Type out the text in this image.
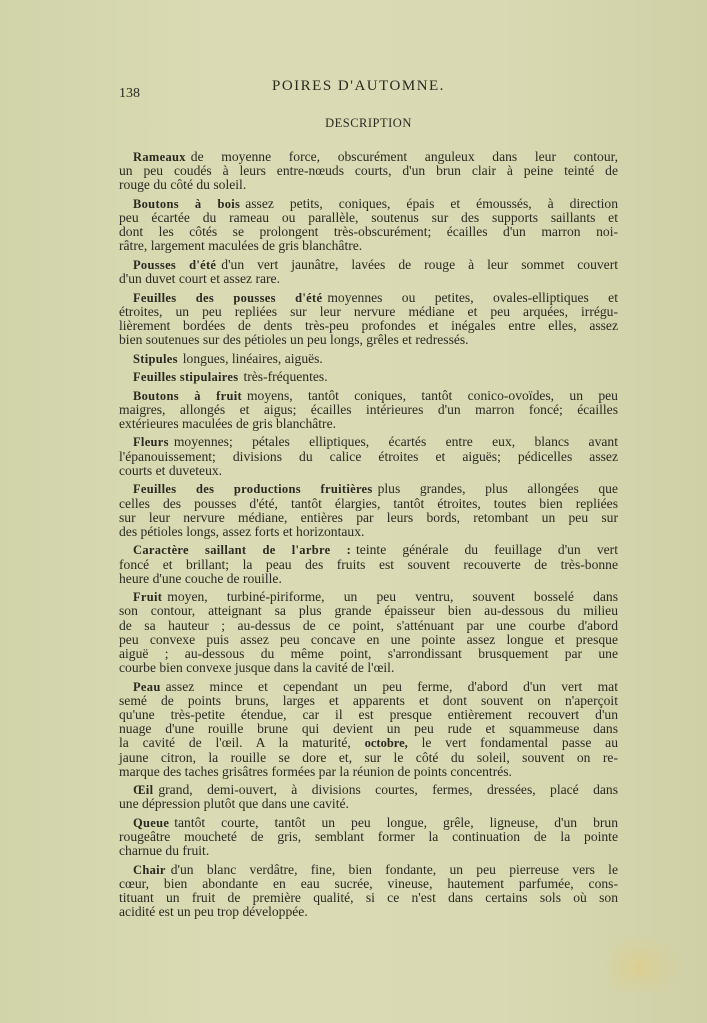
138	POIRES D'AUTOMNE.
DESCRIPTION
Rameaux de moyenne force, obscurément anguleux dans leur contour,
un peu coudés à leurs entre-nœuds courts, d'un brun clair à peine teinté de
rouge du côté du soleil.
Boutons à bois assez petits, coniques, épais et émoussés, à direction
peu écartée du rameau ou parallèle, soutenus sur des supports saillants et
dont les côtés se prolongent très-obscurément; écailles d'un marron noi-
râtre, largement maculées de gris blanchâtre.
Pousses d'été d'un vert jaunâtre, lavées de rouge à leur sommet couvert
d'un duvet court et assez rare.
Feuilles des pousses d'été moyennes ou petites, ovales-elliptiques et
étroites, un peu repliées sur leur nervure médiane et peu arquées, irrégu-
lièrement bordées de dents très-peu profondes et inégales entre elles, assez
bien soutenues sur des pétioles un peu longs, grêles et redressés.
Stipules longues, linéaires, aiguës.
Feuilles stipulaires très-fréquentes.
Boutons à fruit moyens, tantôt coniques, tantôt conico-ovoïdes, un peu
maigres, allongés et aigus; écailles intérieures d'un marron foncé; écailles
extérieures maculées de gris blanchâtre.
Fleurs moyennes; pétales elliptiques, écartés entre eux, blancs avant
l'épanouissement; divisions du calice étroites et aiguës; pédicelles assez
courts et duveteux.
Feuilles des productions fruitières plus grandes, plus allongées que
celles des pousses d'été, tantôt élargies, tantôt étroites, toutes bien repliées
sur leur nervure médiane, entières par leurs bords, retombant un peu sur
des pétioles longs, assez forts et horizontaux.
Caractère saillant de l'arbre : teinte générale du feuillage d'un vert
foncé et brillant; la peau des fruits est souvent recouverte de très-bonne
heure d'une couche de rouille.
Fruit moyen, turbiné-piriforme, un peu ventru, souvent bosselé dans
son contour, atteignant sa plus grande épaisseur bien au-dessous du milieu
de sa hauteur ; au-dessus de ce point, s'atténuant par une courbe d'abord
peu convexe puis assez peu concave en une pointe assez longue et presque
aiguë ; au-dessous du même point, s'arrondissant brusquement par une
courbe bien convexe jusque dans la cavité de l'œil.
Peau assez mince et cependant un peu ferme, d'abord d'un vert mat
semé de points bruns, larges et apparents et dont souvent on n'aperçoit
qu'une très-petite étendue, car il est presque entièrement recouvert d'un
nuage d'une rouille brune qui devient un peu rude et squammeuse dans
la cavité de l'œil. A la maturité, octobre, le vert fondamental passe au
jaune citron, la rouille se dore et, sur le côté du soleil, souvent on re-
marque des taches grisâtres formées par la réunion de points concentrés.
Œil grand, demi-ouvert, à divisions courtes, fermes, dressées, placé dans
une dépression plutôt que dans une cavité.
Queue tantôt courte, tantôt un peu longue, grêle, ligneuse, d'un brun
rougeâtre moucheté de gris, semblant former la continuation de la pointe
charnue du fruit.
Chair d'un blanc verdâtre, fine, bien fondante, un peu pierreuse vers le
cœur, bien abondante en eau sucrée, vineuse, hautement parfumée, cons-
tituant un fruit de première qualité, si ce n'est dans certains sols où son
acidité est un peu trop développée.
